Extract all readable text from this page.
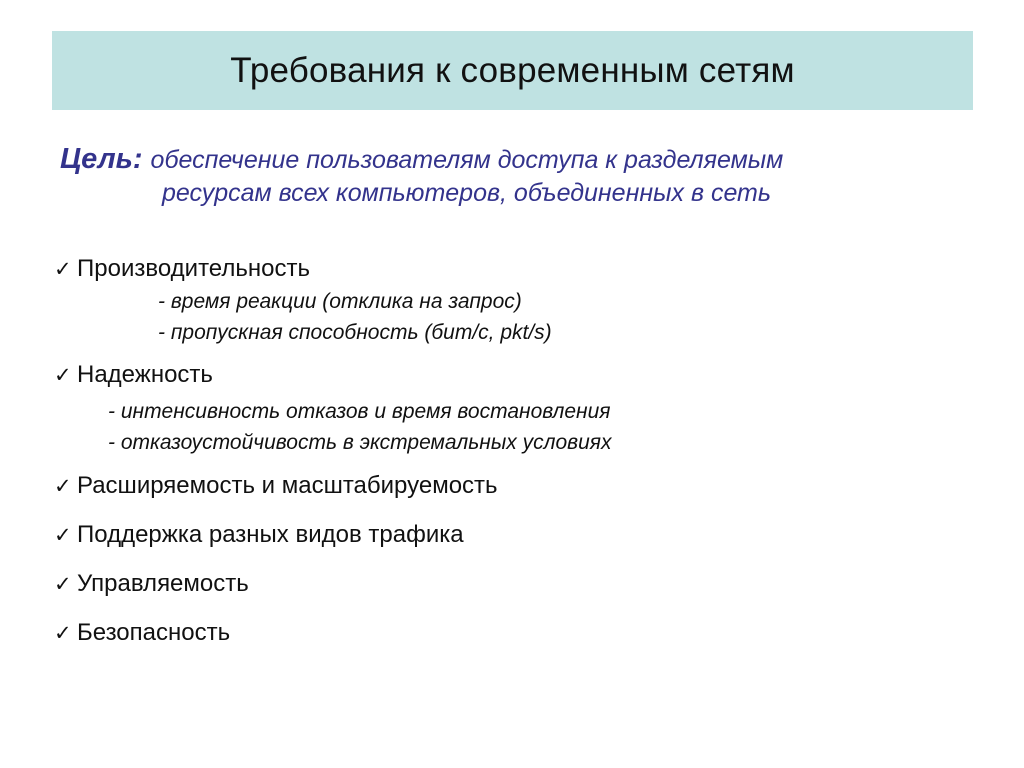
Требования к современным сетям
Цель: обеспечение пользователям доступа к разделяемым
ресурсам всех компьютеров, объединенных в сеть
✓ Производительность
- время реакции (отклика на запрос)
- пропускная способность (бит/с, pkt/s)
✓ Надежность
- интенсивность отказов и время востановления
- отказоустойчивость в экстремальных условиях
✓ Расширяемость и масштабируемость
✓ Поддержка разных видов трафика
✓ Управляемость
✓ Безопасность
